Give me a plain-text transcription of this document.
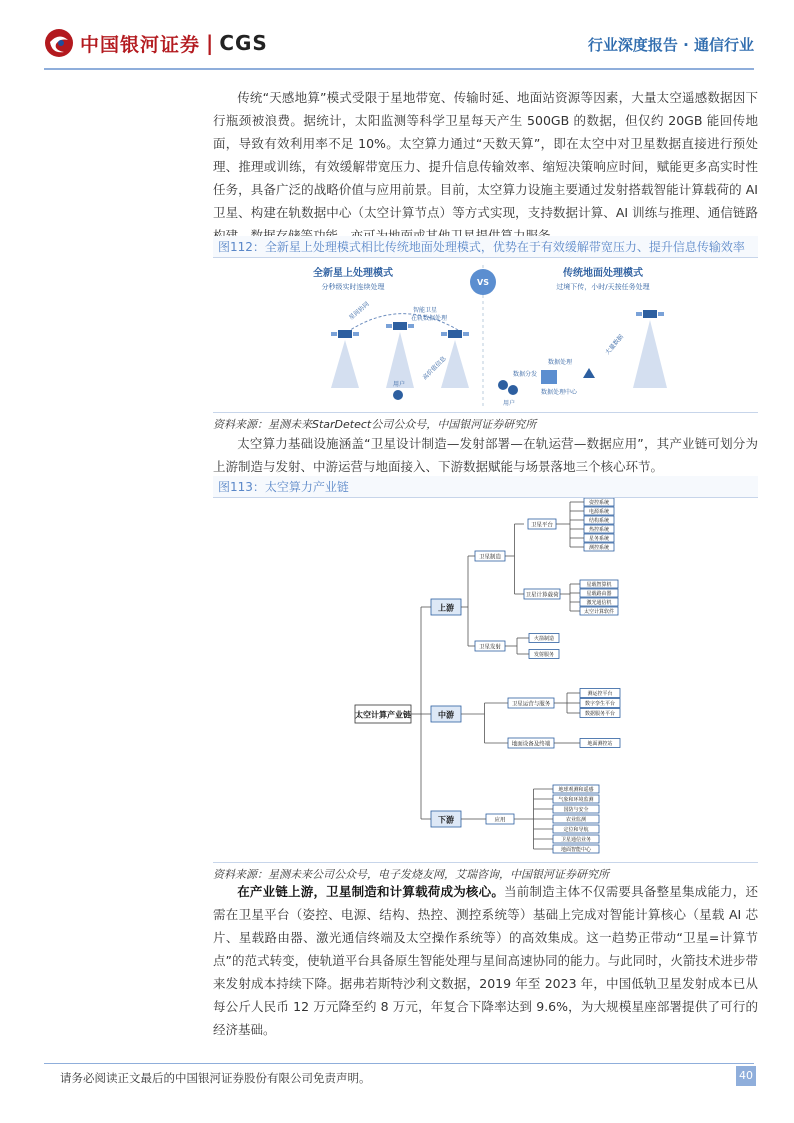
中国银河证券 | CGS	行业深度报告 · 通信行业
传统“天感地算”模式受限于星地带宽、传输时延、地面站资源等因素，大量太空遥感数据因下行瓶颈被浪费。据统计，太阳监测等科学卫星每天产生 500GB 的数据，但仅约 20GB 能回传地面，导致有效利用率不足 10%。太空算力通过“天数天算”，即在太空中对卫星数据直接进行预处理、推理或训练，有效缓解带宽压力、提升信息传输效率、缩短决策响应时间，赋能更多高实时性任务，具备广泛的战略价值与应用前景。目前，太空算力设施主要通过发射搭载智能计算载荷的 AI 卫星、构建在轨数据中心（太空计算节点）等方式实现，支持数据计算、AI 训练与推理、通信链路
图112：全新星上处理模式相比传统地面处理模式，优势在于有效缓解带宽压力、提升信息传输效率
全新星上处理模式
分秒级实时连续处理	VS
传统地面处理模式
过境下传，小时/天按任务处理
星间协同	智能卫星
在轨数据处理
用户
高价值信息
大量数据
数据分发
数据处理
数据处理中心
用户
资料来源：星测未来StarDetect公司公众号，中国银河证券研究所
太空算力基础设施涵盖“卫星设计制造—发射部署—在轨运营—数据应用”，其产业链可划分为上游制造与发射、中游运营与地面接入、下游数据赋能与场景落地三个核心环节。
图113：太空算力产业链
太空计算产业链
上游
中游
下游
卫星制造
卫星发射
卫星平台
卫星计算载荷
姿控系统
电源系统
结构系统
热控系统
星务系统
测控系统
星载智算机
星载路由器
激光通信机
太空计算软件
火箭制造
发射服务
卫星运营与服务
地面设备及终端
测运控平台
数字孪生平台
数据服务平台
地面测控站
应用
地球观测和遥感
气象和环境监测
国防与安全
农业监测
定位和导航
卫星通信业务
地面智能中心
资料来源：星测未来公司公众号，电子发烧友网，艾瑞咨询，中国银河证券研究所
在产业链上游，卫星制造和计算载荷成为核心。当前制造主体不仅需要具备整星集成能力，还需在卫星平台（姿控、电源、结构、热控、测控系统等）基础上完成对智能计算核心（星载 AI 芯片、星载路由器、激光通信终端及太空操作系统等）的高效集成。这一趋势正带动“卫星=计算节点”的范式转变，使轨道平台具备原生智能处理与星间高速协同的能力。与此同时，火箭技术进步带来发射成本持续下降。据弗若斯特沙利文数据，2019 年至 2023 年，中国低轨卫星发射成本已从每公斤人民币 12 万元降至约 8 万元，年复合下降率达到 9.6%，为大规模星座部署提供了可行的经济基础。
请务必阅读正文最后的中国银河证券股份有限公司免责声明。	40
